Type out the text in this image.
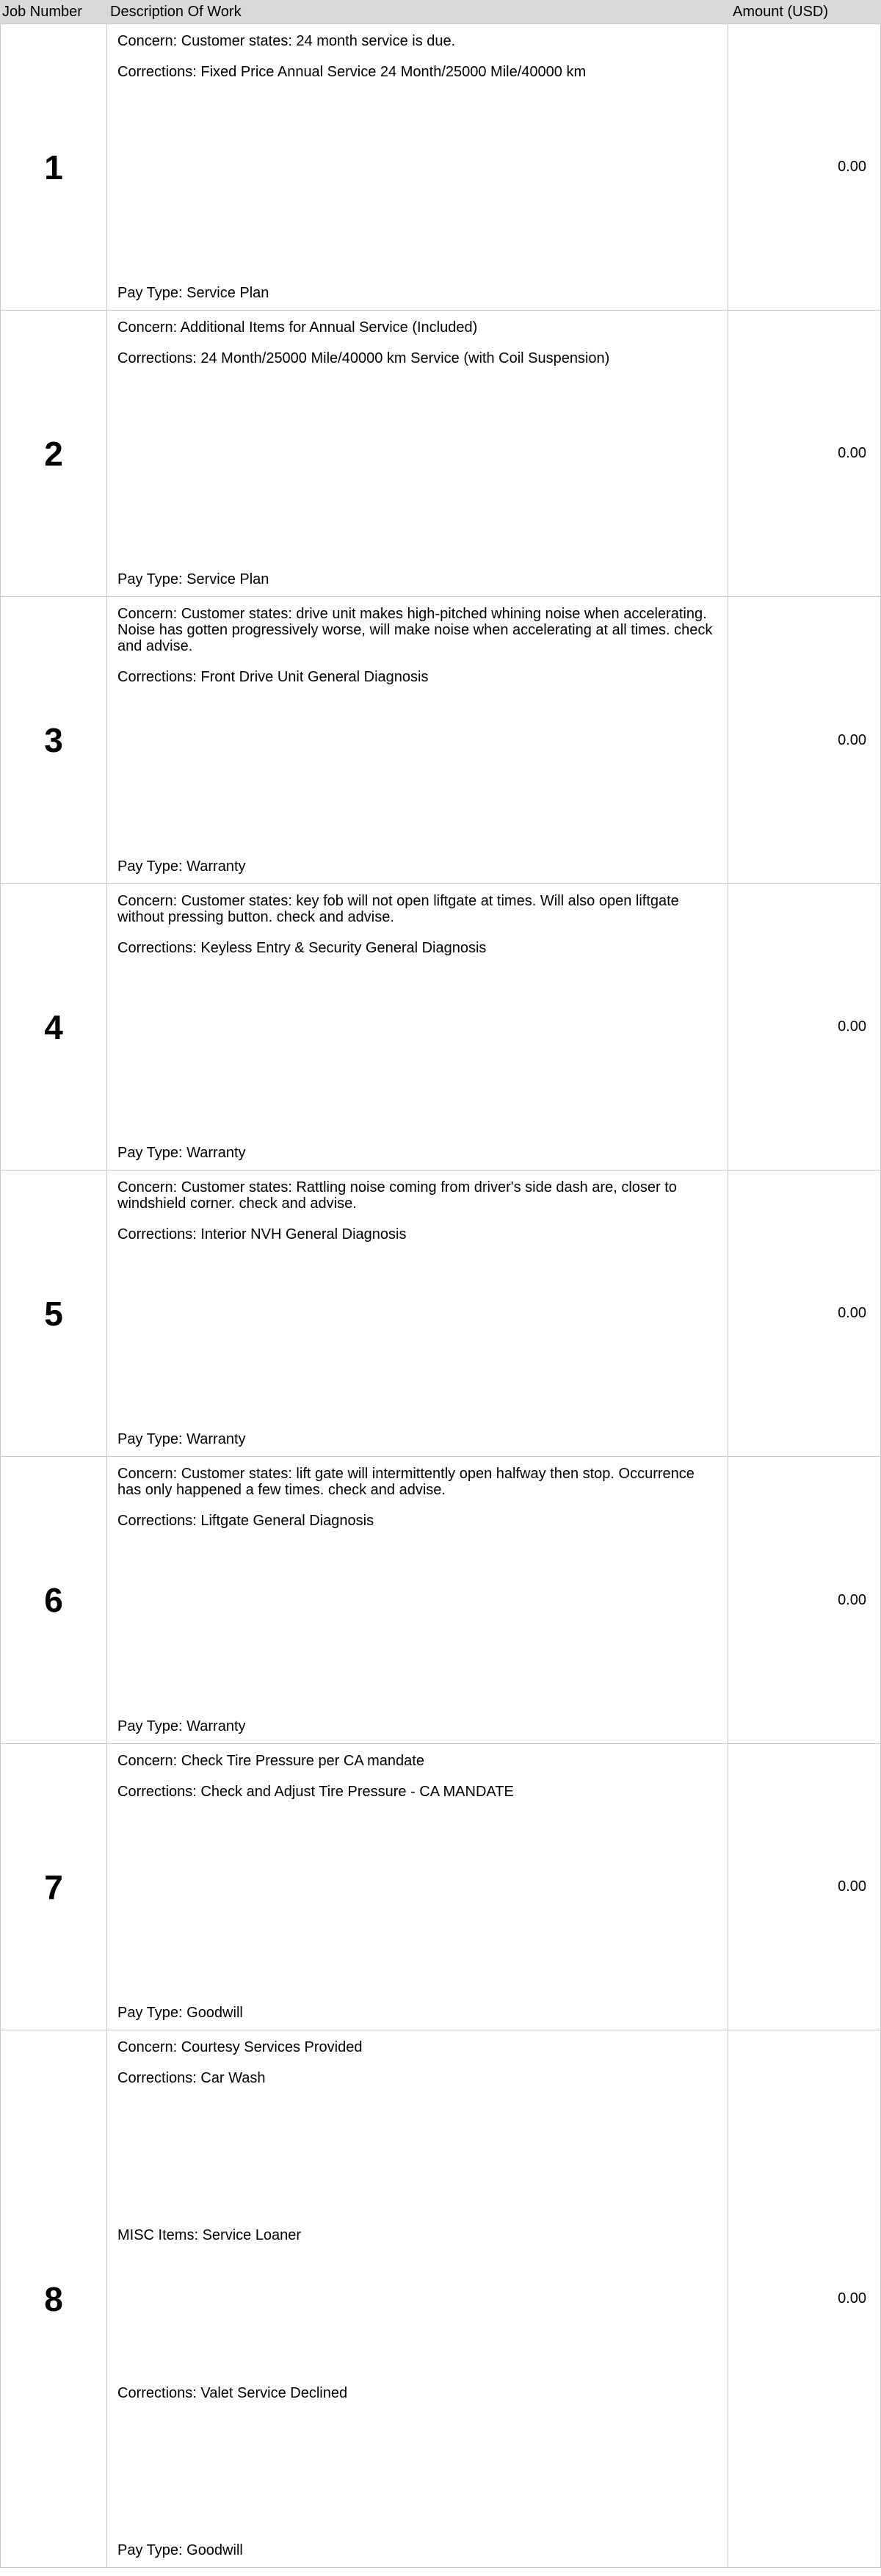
Job Number Description Of Work	Amount (USD)
1

Concern: Customer states: 24 month service is due.

Corrections: Fixed Price Annual Service 24 Month/25000 Mile/40000 km

Pay Type: Service Plan

0.00
2

Concern: Additional Items for Annual Service (Included)

Corrections: 24 Month/25000 Mile/40000 km Service (with Coil Suspension)

Pay Type: Service Plan

0.00
3

Concern: Customer states: drive unit makes high-pitched whining noise when accelerating. Noise has gotten progressively worse, will make noise when accelerating at all times. check and advise.

Corrections: Front Drive Unit General Diagnosis

Pay Type: Warranty

0.00
4

Concern: Customer states: key fob will not open liftgate at times. Will also open liftgate without pressing button. check and advise.

Corrections: Keyless Entry & Security General Diagnosis

Pay Type: Warranty

0.00
5

Concern: Customer states: Rattling noise coming from driver's side dash are, closer to windshield corner. check and advise.

Corrections: Interior NVH General Diagnosis

Pay Type: Warranty

0.00
6

Concern: Customer states: lift gate will intermittently open halfway then stop. Occurrence has only happened a few times. check and advise.

Corrections: Liftgate General Diagnosis

Pay Type: Warranty

0.00
7

Concern: Check Tire Pressure per CA mandate

Corrections: Check and Adjust Tire Pressure - CA MANDATE

Pay Type: Goodwill

0.00
8

Concern: Courtesy Services Provided

Corrections: Car Wash

MISC Items: Service Loaner

Corrections: Valet Service Declined

Pay Type: Goodwill

0.00
